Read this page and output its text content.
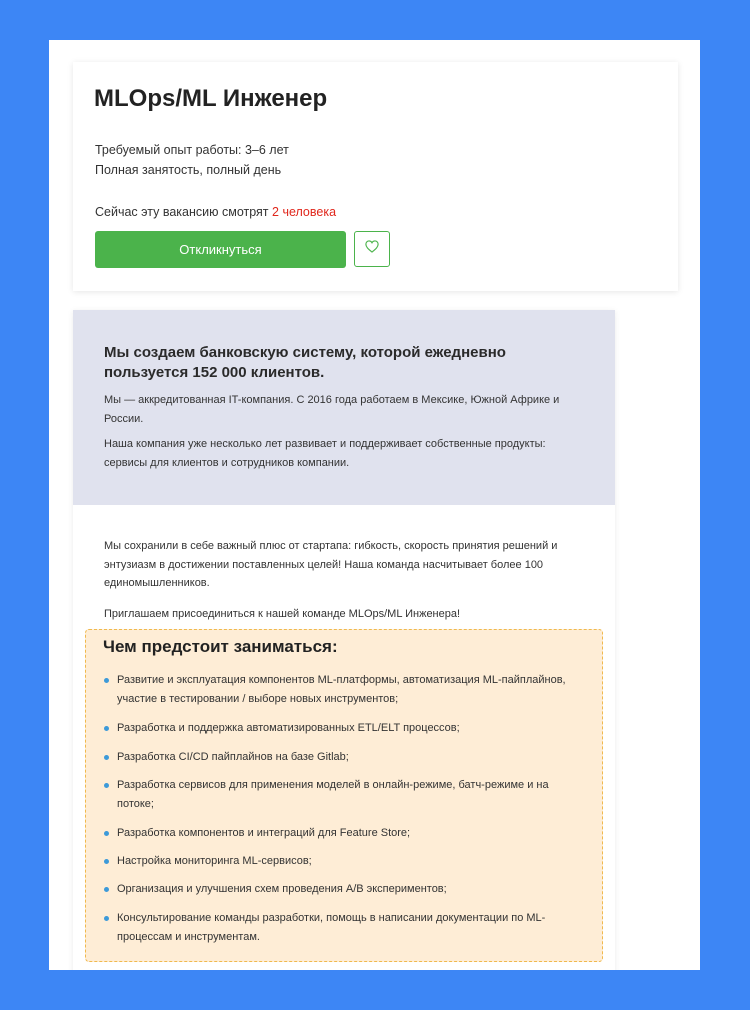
MLOps/ML Инженер
Требуемый опыт работы: 3–6 лет
Полная занятость, полный день
Сейчас эту вакансию смотрят 2 человека
Откликнуться
Мы создаем банковскую систему, которой ежедневно пользуется 152 000 клиентов.

Мы — аккредитованная IT-компания. С 2016 года работаем в Мексике, Южной Африке и России.

Наша компания уже несколько лет развивает и поддерживает собственные продукты: сервисы для клиентов и сотрудников компании.

Мы сохранили в себе важный плюс от стартапа: гибкость, скорость принятия решений и энтузиазм в достижении поставленных целей! Наша команда насчитывает более 100 единомышленников.

Приглашаем присоединиться к нашей команде MLOps/ML Инженера!

Чем предстоит заниматься:
Развитие и эксплуатация компонентов ML-платформы, автоматизация ML-пайплайнов, участие в тестировании / выборе новых инструментов;
Разработка и поддержка автоматизированных ETL/ELT процессов;
Разработка CI/CD пайплайнов на базе Gitlab;
Разработка сервисов для применения моделей в онлайн-режиме, батч-режиме и на потоке;
Разработка компонентов и интеграций для Feature Store;
Настройка мониторинга ML-сервисов;
Организация и улучшения схем проведения A/B экспериментов;
Консультирование команды разработки, помощь в написании документации по ML-процессам и инструментам.
